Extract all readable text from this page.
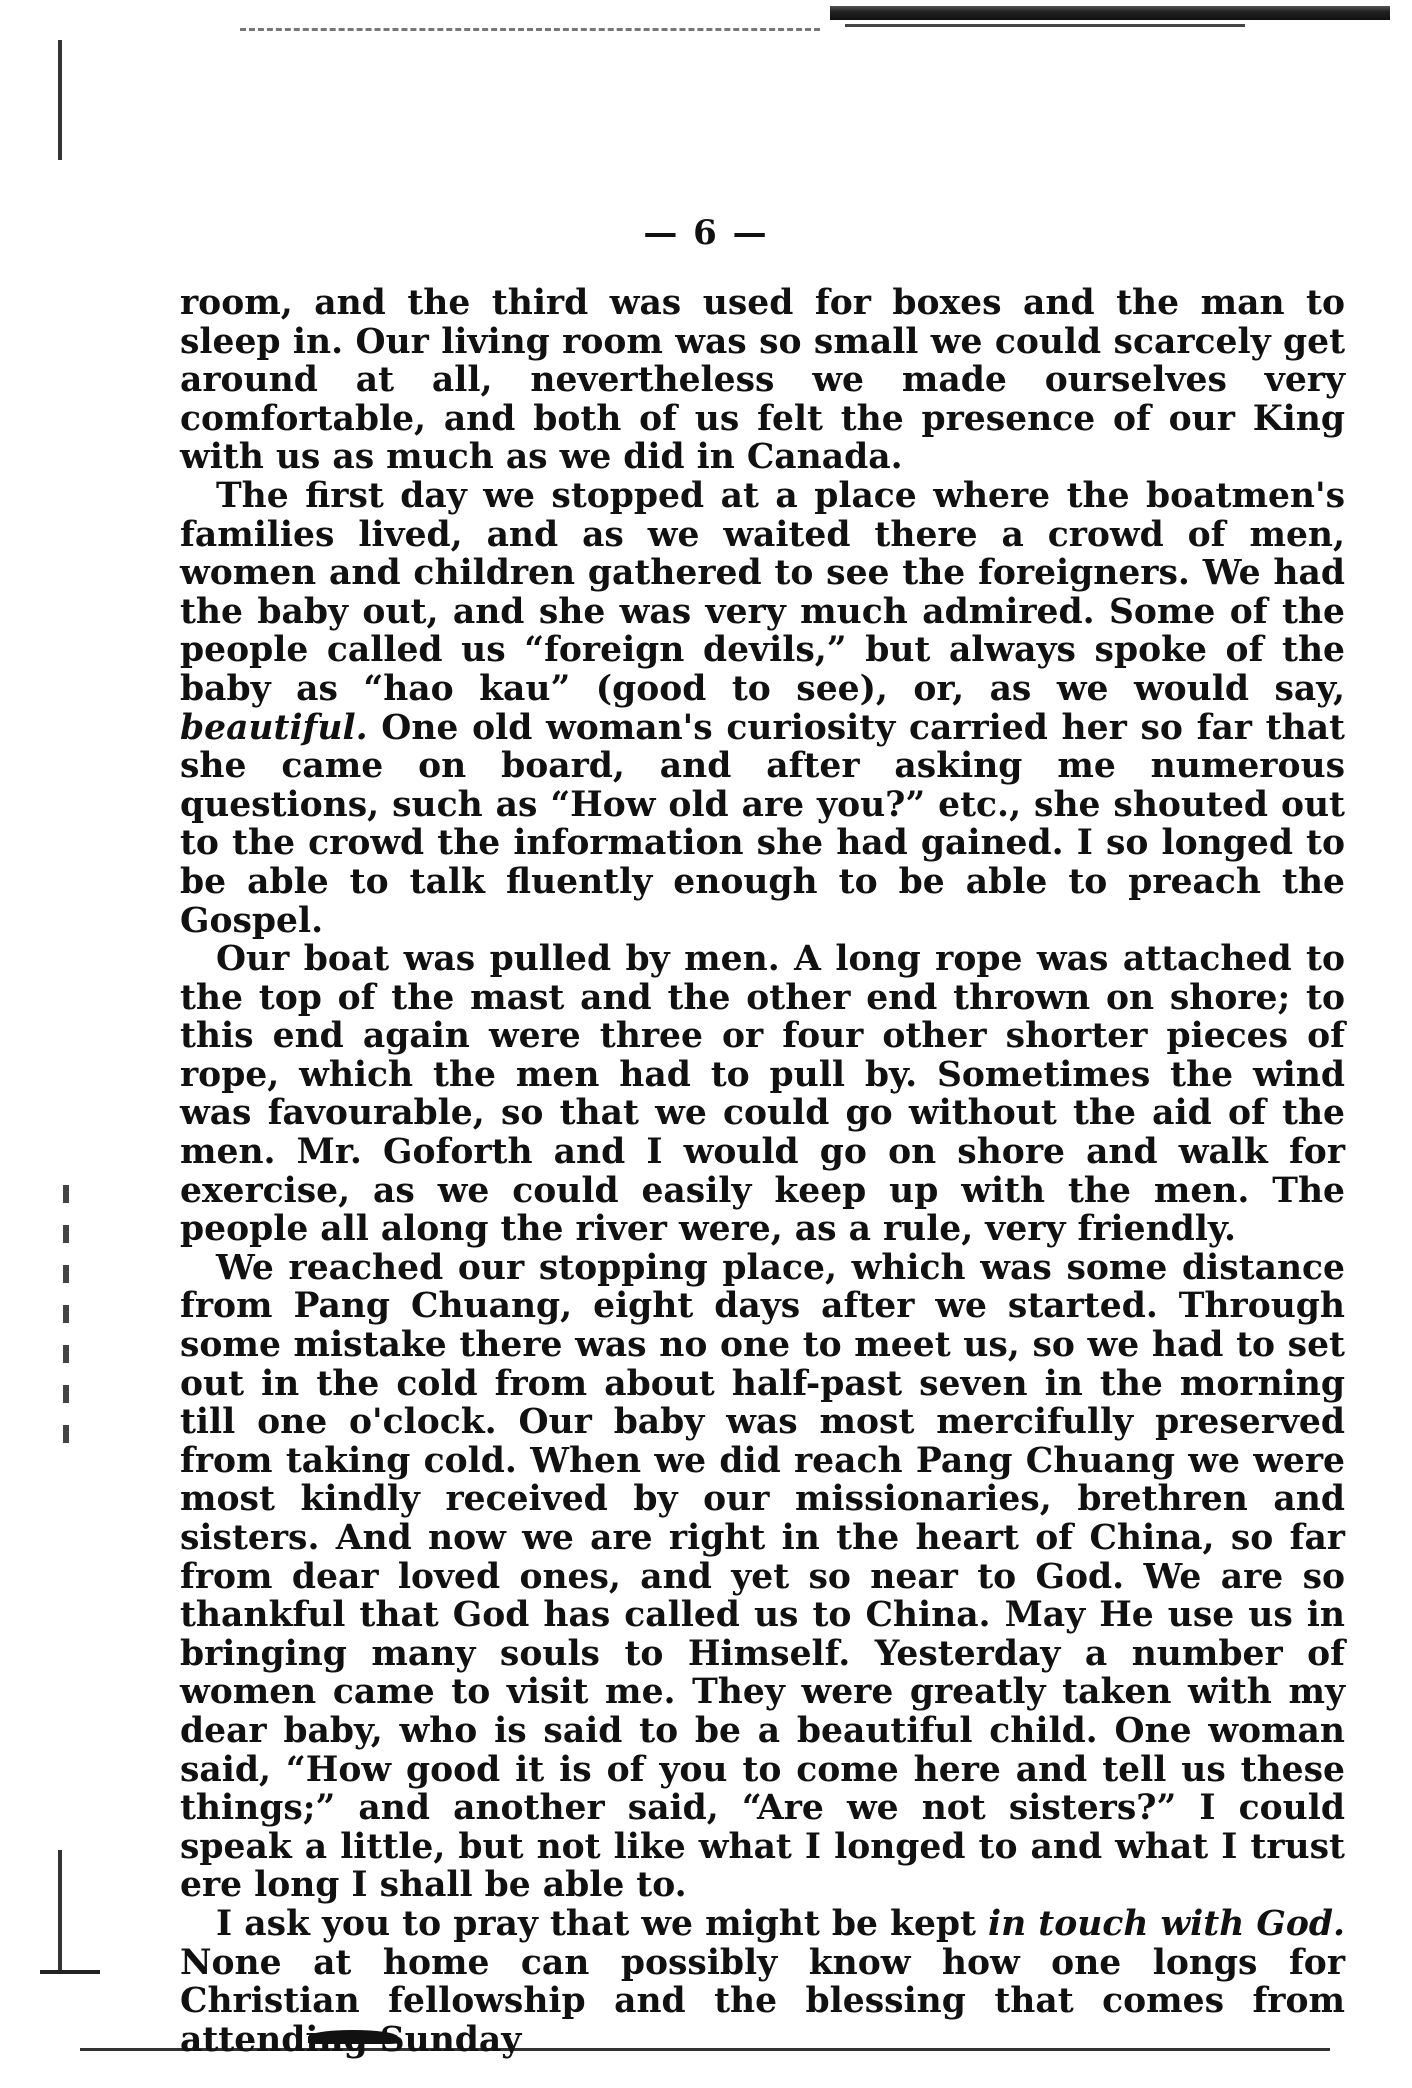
— 6 —

room, and the third was used for boxes and the man to sleep in. Our living room was so small we could scarcely get around at all, nevertheless we made ourselves very comfortable, and both of us felt the presence of our King with us as much as we did in Canada.

The first day we stopped at a place where the boatmen's families lived, and as we waited there a crowd of men, women and children gathered to see the foreigners. We had the baby out, and she was very much admired. Some of the people called us “foreign devils,” but always spoke of the baby as “hao kau” (good to see), or, as we would say, beautiful. One old woman's curiosity carried her so far that she came on board, and after asking me numerous questions, such as “How old are you?” etc., she shouted out to the crowd the information she had gained. I so longed to be able to talk fluently enough to be able to preach the Gospel.

Our boat was pulled by men. A long rope was attached to the top of the mast and the other end thrown on shore; to this end again were three or four other shorter pieces of rope, which the men had to pull by. Sometimes the wind was favourable, so that we could go without the aid of the men. Mr. Goforth and I would go on shore and walk for exercise, as we could easily keep up with the men. The people all along the river were, as a rule, very friendly.

We reached our stopping place, which was some distance from Pang Chuang, eight days after we started. Through some mistake there was no one to meet us, so we had to set out in the cold from about half-past seven in the morning till one o'clock. Our baby was most mercifully preserved from taking cold. When we did reach Pang Chuang we were most kindly received by our missionaries, brethren and sisters. And now we are right in the heart of China, so far from dear loved ones, and yet so near to God. We are so thankful that God has called us to China. May He use us in bringing many souls to Himself. Yesterday a number of women came to visit me. They were greatly taken with my dear baby, who is said to be a beautiful child. One woman said, “How good it is of you to come here and tell us these things;” and another said, “Are we not sisters?” I could speak a little, but not like what I longed to and what I trust ere long I shall be able to.

I ask you to pray that we might be kept in touch with God. None at home can possibly know how one longs for Christian fellowship and the blessing that comes from attending Sunday
